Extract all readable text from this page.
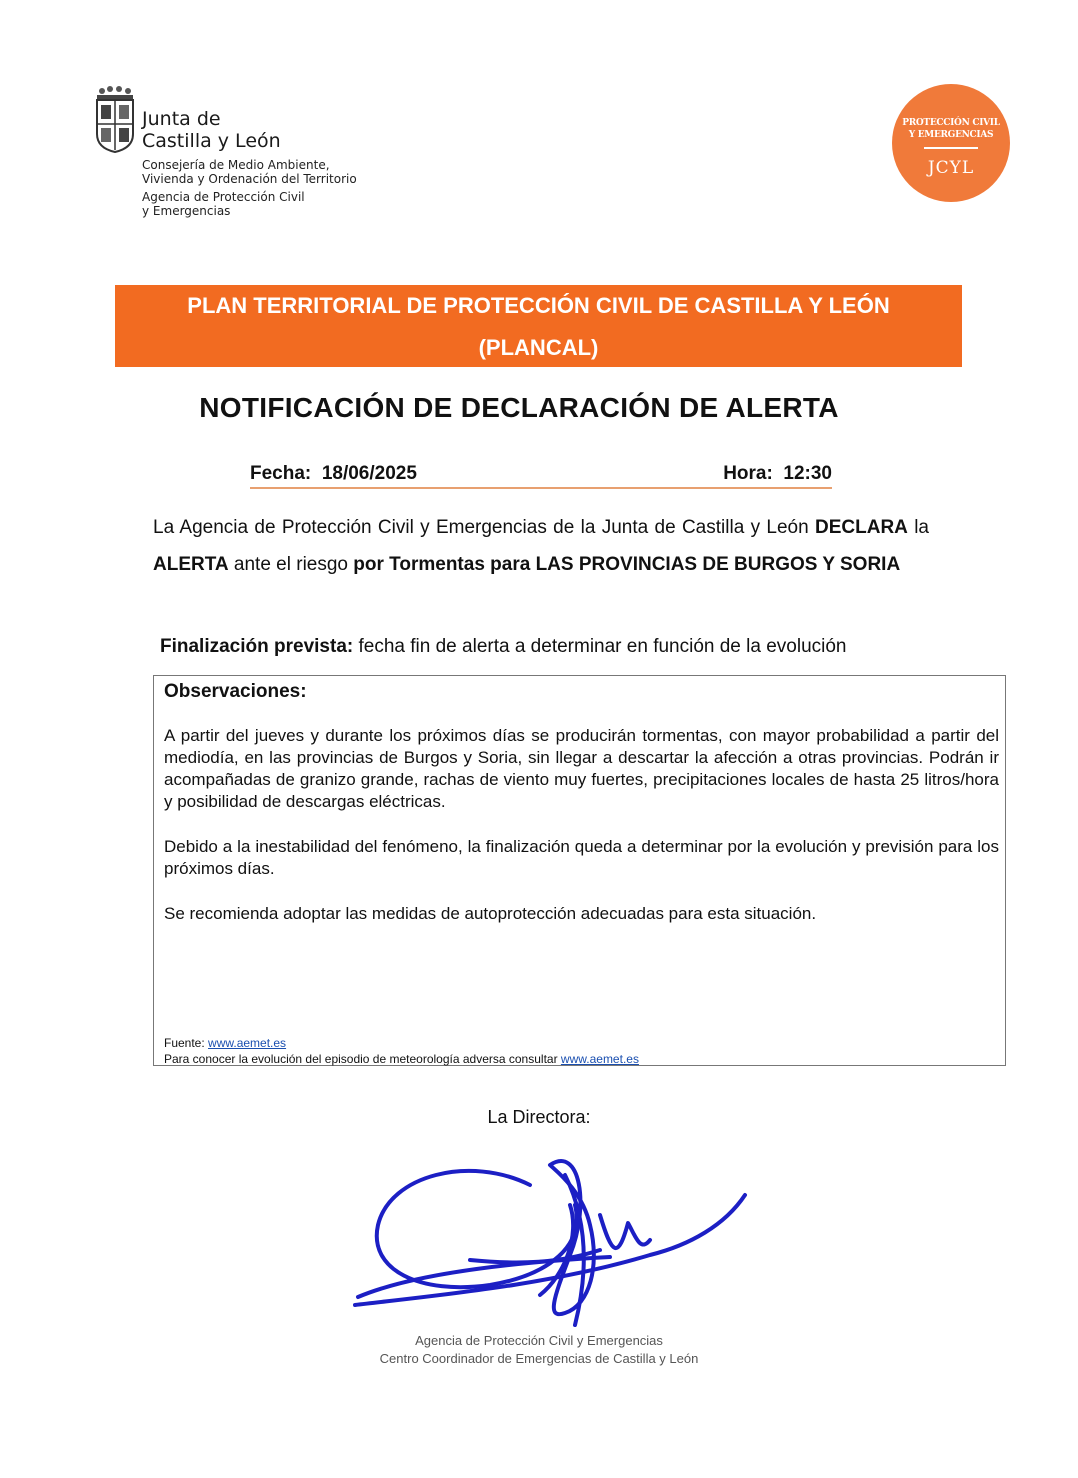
Junta de
Castilla y León
Consejería de Medio Ambiente,
Vivienda y Ordenación del Territorio
Agencia de Protección Civil
y Emergencias
PROTECCIÓN CIVIL
Y EMERGENCIAS
JCYL
PLAN TERRITORIAL DE PROTECCIÓN CIVIL DE CASTILLA Y LEÓN
(PLANCAL)
NOTIFICACIÓN DE DECLARACIÓN DE ALERTA
Fecha: 18/06/2025	Hora: 12:30
La Agencia de Protección Civil y Emergencias de la Junta de Castilla y León DECLARA la ALERTA ante el riesgo por Tormentas para LAS PROVINCIAS DE BURGOS Y SORIA
Finalización prevista: fecha fin de alerta a determinar en función de la evolución
Observaciones:
A partir del jueves y durante los próximos días se producirán tormentas, con mayor probabilidad a partir del mediodía, en las provincias de Burgos y Soria, sin llegar a descartar la afección a otras provincias. Podrán ir acompañadas de granizo grande, rachas de viento muy fuertes, precipitaciones locales de hasta 25 litros/hora y posibilidad de descargas eléctricas.
Debido a la inestabilidad del fenómeno, la finalización queda a determinar por la evolución y previsión para los próximos días.
Se recomienda adoptar las medidas de autoprotección adecuadas para esta situación.
Fuente: www.aemet.es
Para conocer la evolución del episodio de meteorología adversa consultar www.aemet.es
La Directora:
Agencia de Protección Civil y Emergencias
Centro Coordinador de Emergencias de Castilla y León
